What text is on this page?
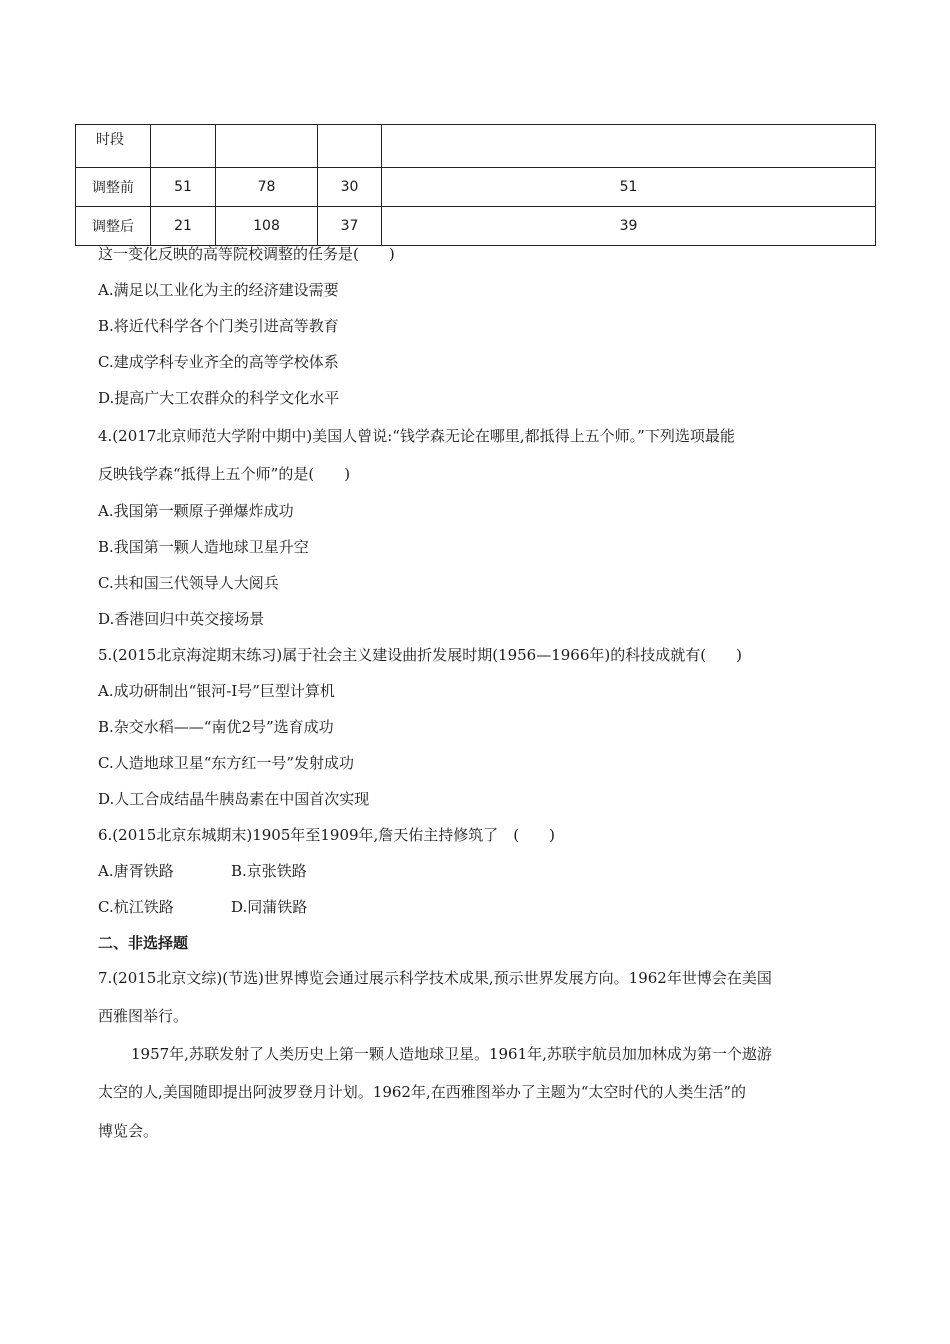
时段				
调整前	51	78	30	51
调整后	21	108	37	39
这一变化反映的高等院校调整的任务是(　　)
A.满足以工业化为主的经济建设需要
B.将近代科学各个门类引进高等教育
C.建成学科专业齐全的高等学校体系
D.提高广大工农群众的科学文化水平
4.(2017北京师范大学附中期中)美国人曾说:“钱学森无论在哪里,都抵得上五个师。”下列选项最能
反映钱学森“抵得上五个师”的是(　　)
A.我国第一颗原子弹爆炸成功
B.我国第一颗人造地球卫星升空
C.共和国三代领导人大阅兵
D.香港回归中英交接场景
5.(2015北京海淀期末练习)属于社会主义建设曲折发展时期(1956—1966年)的科技成就有(　　)
A.成功研制出“银河-Ⅰ号”巨型计算机
B.杂交水稻——“南优2号”选育成功
C.人造地球卫星“东方红一号”发射成功
D.人工合成结晶牛胰岛素在中国首次实现
6.(2015北京东城期末)1905年至1909年,詹天佑主持修筑了　(　　)
A.唐胥铁路	B.京张铁路
C.杭江铁路	D.同蒲铁路
二、非选择题
7.(2015北京文综)(节选)世界博览会通过展示科学技术成果,预示世界发展方向。1962年世博会在美国
西雅图举行。
1957年,苏联发射了人类历史上第一颗人造地球卫星。1961年,苏联宇航员加加林成为第一个遨游
太空的人,美国随即提出阿波罗登月计划。1962年,在西雅图举办了主题为“太空时代的人类生活”的
博览会。
